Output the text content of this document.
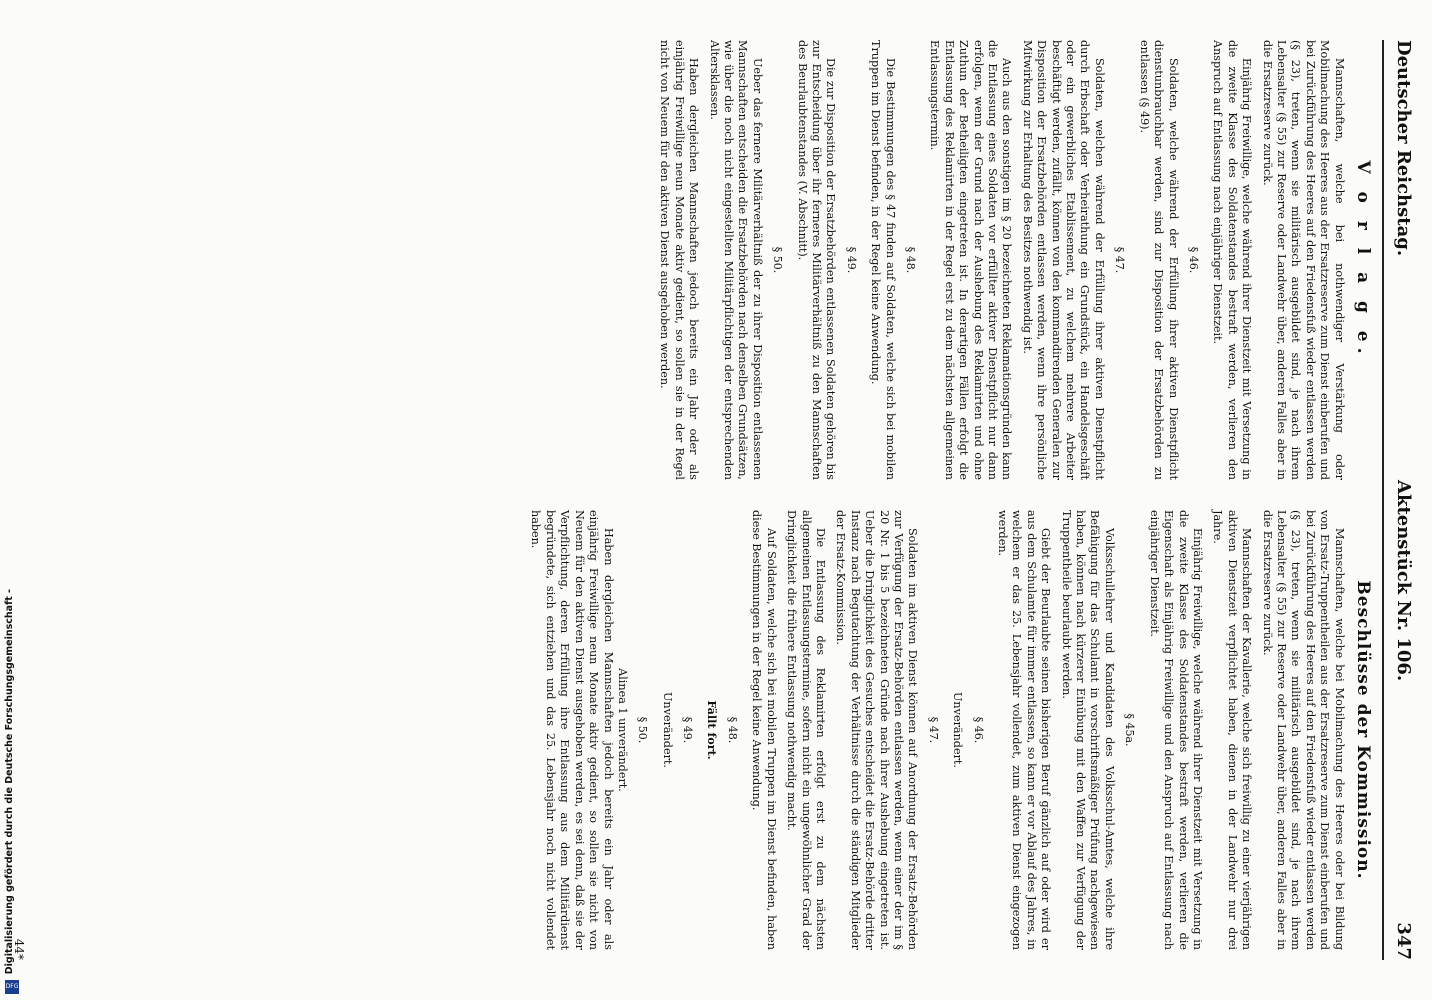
Deutscher Reichstag.
Aktenstück Nr. 106.
347
V o r l a g e.
Mannschaften, welche bei nothwendiger Verstärkung oder Mobilmachung des Heeres aus der Ersatzreserve zum Dienst einberufen und bei Zurückführung des Heeres auf den Friedensfuß wieder entlassen werden (§ 23), treten, wenn sie militärisch ausgebildet sind, je nach ihrem Lebensalter (§ 55) zur Reserve oder Landwehr über, anderen Falles aber in die Ersatzreserve zurück.
Einjährig Freiwillige, welche während ihrer Dienstzeit mit Versetzung in die zweite Klasse des Soldatenstandes bestraft werden, verlieren den Anspruch auf Entlassung nach einjähriger Dienstzeit.
§ 46.
Soldaten, welche während der Erfüllung ihrer aktiven Dienstpflicht dienstunbrauchbar werden, sind zur Disposition der Ersatzbehörden zu entlassen (§ 49).
§ 47.
Soldaten, welchen während der Erfüllung ihrer aktiven Dienstpflicht durch Erbschaft oder Verheirathung ein Grundstück, ein Handelsgeschäft oder ein gewerbliches Etablissement, zu welchem mehrere Arbeiter beschäftigt werden, zufällt, können von den kommandirenden Generalen zur Disposition der Ersatzbehörden entlassen werden, wenn ihre persönliche Mitwirkung zur Erhaltung des Besitzes nothwendig ist.
Auch aus den sonstigen im § 20 bezeichneten Reklamationsgründen kann die Entlassung eines Soldaten vor erfüllter aktiver Dienstpflicht nur dann erfolgen, wenn der Grund nach der Aushebung des Reklamirten und ohne Zuthun der Betheiligten eingetreten ist. In derartigen Fällen erfolgt die Entlassung des Reklamirten in der Regel erst zu dem nächsten allgemeinen Entlassungstermin.
§ 48.
Die Bestimmungen des § 47 finden auf Soldaten, welche sich bei mobilen Truppen im Dienst befinden, in der Regel keine Anwendung.
§ 49.
Die zur Disposition der Ersatzbehörden entlassenen Soldaten gehören bis zur Entscheidung über ihr ferneres Militärverhältniß zu den Mannschaften des Beurlaubtenstandes (V. Abschnitt).
§ 50.
Ueber das fernere Militärverhältniß der zu ihrer Disposition entlassenen Mannschaften entscheiden die Ersatzbehörden nach denselben Grundsätzen, wie über die noch nicht eingestellten Militärpflichtigen der entsprechenden Altersklassen.
Haben dergleichen Mannschaften jedoch bereits ein Jahr oder als einjährig Freiwillige neun Monate aktiv gedient, so sollen sie in der Regel nicht von Neuem für den aktiven Dienst ausgehoben werden.
Beschlüsse der Kommission.
Mannschaften, welche bei Mobilmachung des Heeres oder bei Bildung von Ersatz-Truppentheilen aus der Ersatzreserve zum Dienst einberufen und bei Zurückführung des Heeres auf den Friedensfuß wieder entlassen werden (§ 23), treten, wenn sie militärisch ausgebildet sind, je nach ihrem Lebensalter (§ 55) zur Reserve oder Landwehr über, anderen Falles aber in die Ersatzreserve zurück.
Mannschaften der Kavallerie, welche sich freiwillig zu einer vierjährigen aktiven Dienstzeit verpflichtet haben, dienen in der Landwehr nur drei Jahre.
Einjährig Freiwillige, welche während ihrer Dienstzeit mit Versetzung in die zweite Klasse des Soldatenstandes bestraft werden, verlieren die Eigenschaft als Einjährig Freiwillige und den Anspruch auf Entlassung nach einjähriger Dienstzeit.
§ 45a.
Volksschullehrer und Kandidaten des Volksschul-Amtes, welche ihre Befähigung für das Schulamt in vorschriftsmäßiger Prüfung nachgewiesen haben, können nach kürzerer Einübung mit den Waffen zur Verfügung der Truppentheile beurlaubt werden.
Giebt der Beurlaubte seinen bisherigen Beruf gänzlich auf oder wird er aus dem Schulamte für immer entlassen, so kann er vor Ablauf des Jahres, in welchem er das 25. Lebensjahr vollendet, zum aktiven Dienst eingezogen werden.
§ 46.
Unverändert.
§ 47.
Soldaten im aktiven Dienst können auf Anordnung der Ersatz-Behörden zur Verfügung der Ersatz-Behörden entlassen werden, wenn einer der im § 20 Nr. 1 bis 5 bezeichneten Gründe nach ihrer Aushebung eingetreten ist. Ueber die Dringlichkeit des Gesuches entscheidet die Ersatz-Behörde dritter Instanz nach Begutachtung der Verhältnisse durch die ständigen Mitglieder der Ersatz-Kommission.
Die Entlassung des Reklamirten erfolgt erst zu dem nächsten allgemeinen Entlassungstermine, sofern nicht ein ungewöhnlicher Grad der Dringlichkeit die frühere Entlassung nothwendig macht.
Auf Soldaten, welche sich bei mobilen Truppen im Dienst befinden, haben diese Bestimmungen in der Regel keine Anwendung.
§ 48.
Fällt fort.
§ 49.
Unverändert.
§ 50.
Alinea 1 unverändert.
Haben dergleichen Mannschaften jedoch bereits ein Jahr oder als einjährig Freiwillige neun Monate aktiv gedient, so sollen sie nicht von Neuem für den aktiven Dienst ausgehoben werden, es sei denn, daß sie der Verpflichtung, deren Erfüllung ihre Entlassung aus dem Militärdienst begründete, sich entziehen und das 25. Lebensjahr noch nicht vollendet haben.
44*
Digitalisierung gefördert durch die Deutsche Forschungsgemeinschaft -
DFG
